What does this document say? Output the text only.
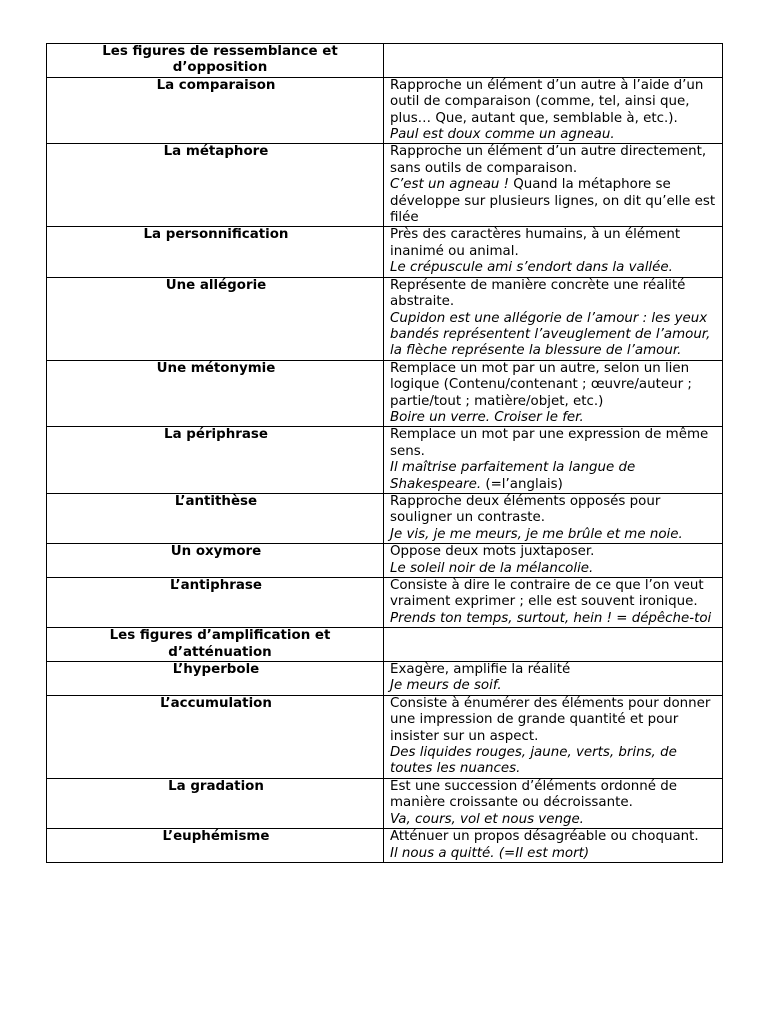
Les figures de ressemblance et d’opposition	

La comparaison	Rapproche un élément d’un autre à l’aide d’un outil de comparaison (comme, tel, ainsi que, plus… Que, autant que, semblable à, etc.).
Paul est doux comme un agneau.
La métaphore	Rapproche un élément d’un autre directement, sans outils de comparaison.
C’est un agneau ! Quand la métaphore se développe sur plusieurs lignes, on dit qu’elle est filée
La personnification	Près des caractères humains, à un élément inanimé ou animal.
Le crépuscule ami s’endort dans la vallée.
Une allégorie	Représente de manière concrète une réalité abstraite.
Cupidon est une allégorie de l’amour : les yeux bandés représentent l’aveuglement de l’amour, la flèche représente la blessure de l’amour.
Une métonymie	Remplace un mot par un autre, selon un lien logique (Contenu/contenant ; œuvre/auteur ; partie/tout ; matière/objet, etc.)
Boire un verre. Croiser le fer.
La périphrase	Remplace un mot par une expression de même sens.
Il maîtrise parfaitement la langue de Shakespeare. (=l’anglais)
L’antithèse	Rapproche deux éléments opposés pour souligner un contraste.
Je vis, je me meurs, je me brûle et me noie.
Un oxymore	Oppose deux mots juxtaposer.
Le soleil noir de la mélancolie.
L’antiphrase	Consiste à dire le contraire de ce que l’on veut vraiment exprimer ; elle est souvent ironique.
Prends ton temps, surtout, hein ! = dépêche-toi

Les figures d’amplification et d’atténuation	

L’hyperbole	Exagère, amplifie la réalité
Je meurs de soif.
L’accumulation	Consiste à énumérer des éléments pour donner une impression de grande quantité et pour insister sur un aspect.
Des liquides rouges, jaune, verts, brins, de toutes les nuances.
La gradation	Est une succession d’éléments ordonné de manière croissante ou décroissante.
Va, cours, vol et nous venge.
L’euphémisme	Atténuer un propos désagréable ou choquant.
Il nous a quitté. (=Il est mort)
